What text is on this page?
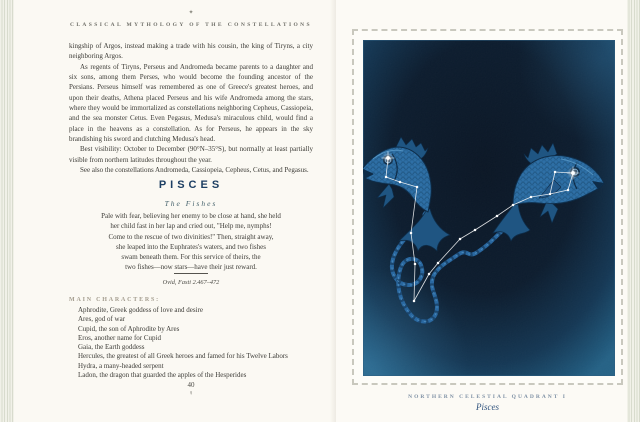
✦
CLASSICAL MYTHOLOGY OF THE CONSTELLATIONS

kingship of Argos, instead making a trade with his cousin, the king of Tiryns, a city neighboring Argos.

As regents of Tiryns, Perseus and Andromeda became parents to a daughter and six sons, among them Perses, who would become the founding ancestor of the Persians. Perseus himself was remembered as one of Greece's greatest heroes, and upon their deaths, Athena placed Perseus and his wife Andromeda among the stars, where they would be immortalized as constellations neighboring Cepheus, Cassiopeia, and the sea monster Cetus. Even Pegasus, Medusa's miraculous child, would find a place in the heavens as a constellation. As for Perseus, he appears in the sky brandishing his sword and clutching Medusa's head.

Best visibility: October to December (90°N–35°S), but normally at least partially visible from northern latitudes throughout the year.

See also the constellations Andromeda, Cassiopeia, Cepheus, Cetus, and Pegasus.

PISCES
The Fishes
Pale with fear, believing her enemy to be close at hand, she held
her child fast in her lap and cried out, "Help me, nymphs!
Come to the rescue of two divinities!" Then, straight away,
she leaped into the Euphrates's waters, and two fishes
swam beneath them. For this service of theirs, the
two fishes—now stars—have their just reward.
Ovid, Fasti 2.467–472
MAIN CHARACTERS:
Aphrodite, Greek goddess of love and desire
Ares, god of war
Cupid, the son of Aphrodite by Ares
Eros, another name for Cupid
Gaia, the Earth goddess
Hercules, the greatest of all Greek heroes and famed for his Twelve Labors
Hydra, a many-headed serpent
Ladon, the dragon that guarded the apples of the Hesperides
40
♀	NORTHERN CELESTIAL QUADRANT I
Pisces
